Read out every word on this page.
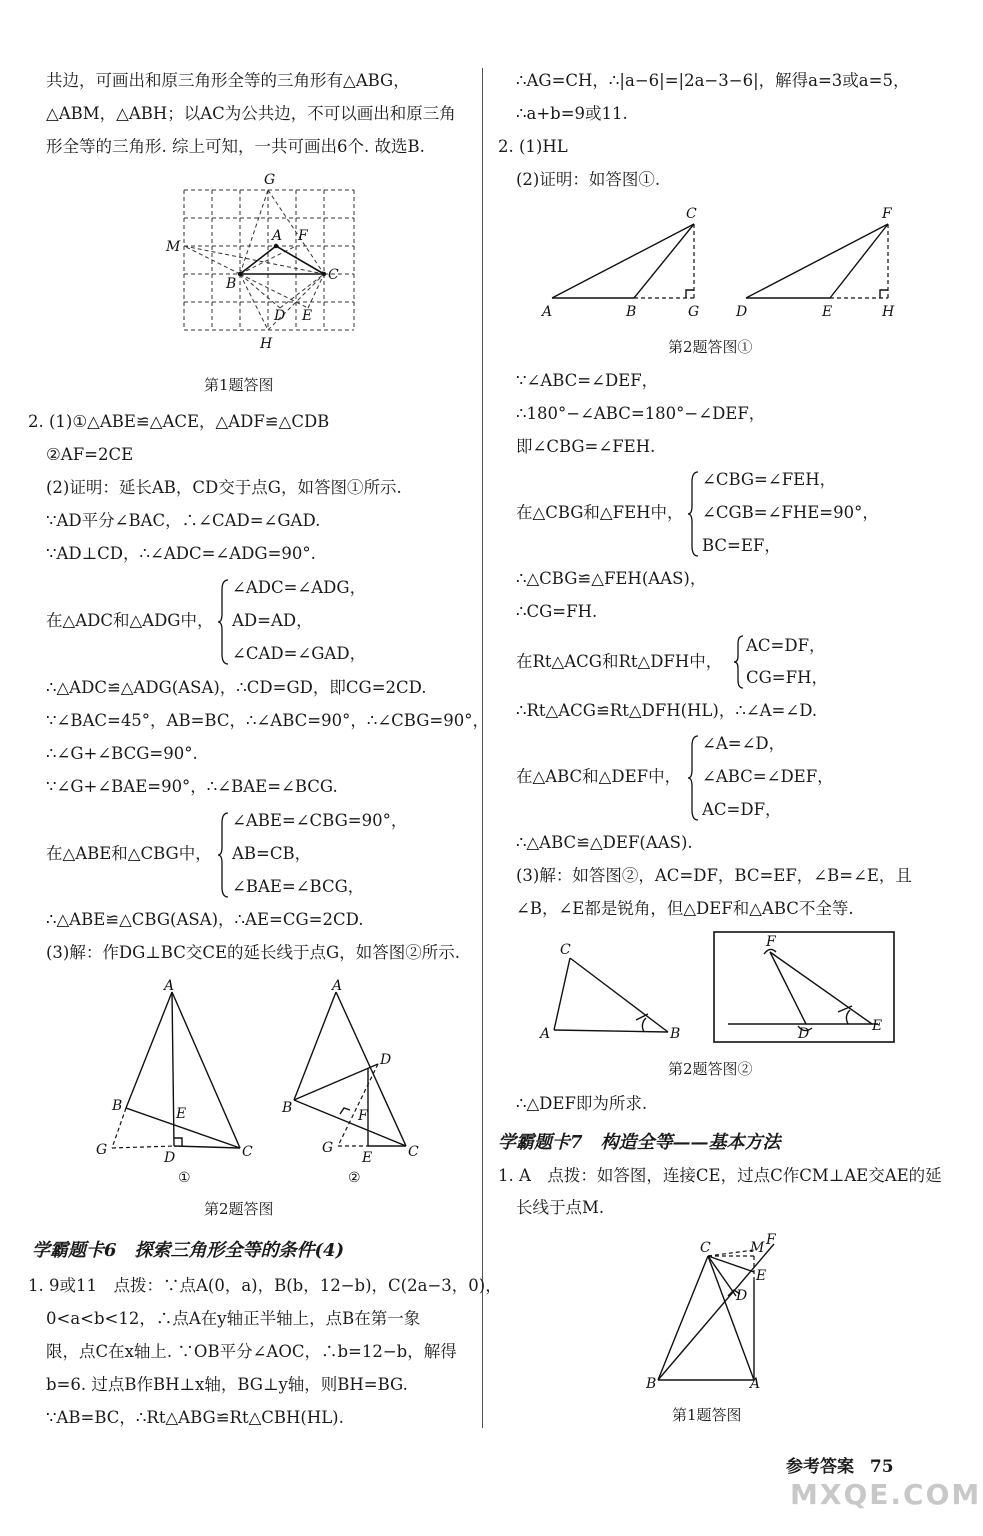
共边，可画出和原三角形全等的三角形有△ABG，
△ABM，△ABH；以AC为公共边，不可以画出和原三角
形全等的三角形. 综上可知，一共可画出6个. 故选B.
G
M
A F
B
C
D E
H
第1题答图
2. (1)①△ABE≌△ACE，△ADF≌△CDB
②AF=2CE
(2)证明：延长AB，CD交于点G，如答图①所示.
∵AD平分∠BAC，∴∠CAD=∠GAD.
∵AD⊥CD，∴∠ADC=∠ADG=90°.
在△ADC和△ADG中，
∠ADC=∠ADG，
AD=AD，
∠CAD=∠GAD，
∴△ADC≌△ADG(ASA)，∴CD=GD，即CG=2CD.
∵∠BAC=45°，AB=BC，∴∠ABC=90°，∴∠CBG=90°，
∴∠G+∠BCG=90°.
∵∠G+∠BAE=90°，∴∠BAE=∠BCG.
在△ABE和△CBG中，
∠ABE=∠CBG=90°，
AB=CB，
∠BAE=∠BCG，
∴△ABE≌△CBG(ASA)，∴AE=CG=2CD.
(3)解：作DG⊥BC交CE的延长线于点G，如答图②所示.
A
B	E
G	D	C
①
A
D
B	F
G
E	C
②
第2题答图
学霸题卡6　探索三角形全等的条件(4)
1. 9或11　点拨：∵点A(0，a)，B(b，12−b)，C(2a−3，0)，
0<a<b<12，∴点A在y轴正半轴上，点B在第一象
限，点C在x轴上. ∵OB平分∠AOC，∴b=12−b，解得
b=6. 过点B作BH⊥x轴，BG⊥y轴，则BH=BG.
∵AB=BC，∴Rt△ABG≌Rt△CBH(HL).
∴AG=CH，∴|a−6|=|2a−3−6|，解得a=3或a=5，
∴a+b=9或11.
2. (1)HL
(2)证明：如答图①.
C	F
A	B	G	D	E	H
第2题答图①
∵∠ABC=∠DEF，
∴180°−∠ABC=180°−∠DEF，
即∠CBG=∠FEH.
在△CBG和△FEH中，
∠CBG=∠FEH，
∠CGB=∠FHE=90°，
BC=EF，
∴△CBG≌△FEH(AAS)，
∴CG=FH.
在Rt△ACG和Rt△DFH中，
AC=DF，
CG=FH，
∴Rt△ACG≌Rt△DFH(HL)，∴∠A=∠D.
在△ABC和△DEF中，
∠A=∠D，
∠ABC=∠DEF，
AC=DF，
∴△ABC≌△DEF(AAS).
(3)解：如答图②，AC=DF，BC=EF，∠B=∠E，且
∠B，∠E都是锐角，但△DEF和△ABC不全等.
C
A	B
F
D	E
第2题答图②
∴△DEF即为所求.
学霸题卡7　构造全等——基本方法
1. A　点拨：如答图，连接CE，过点C作CM⊥AE交AE的延
长线于点M.
C	M F
E
D
B	A
第1题答图
参考答案 75
MXQE.COM
